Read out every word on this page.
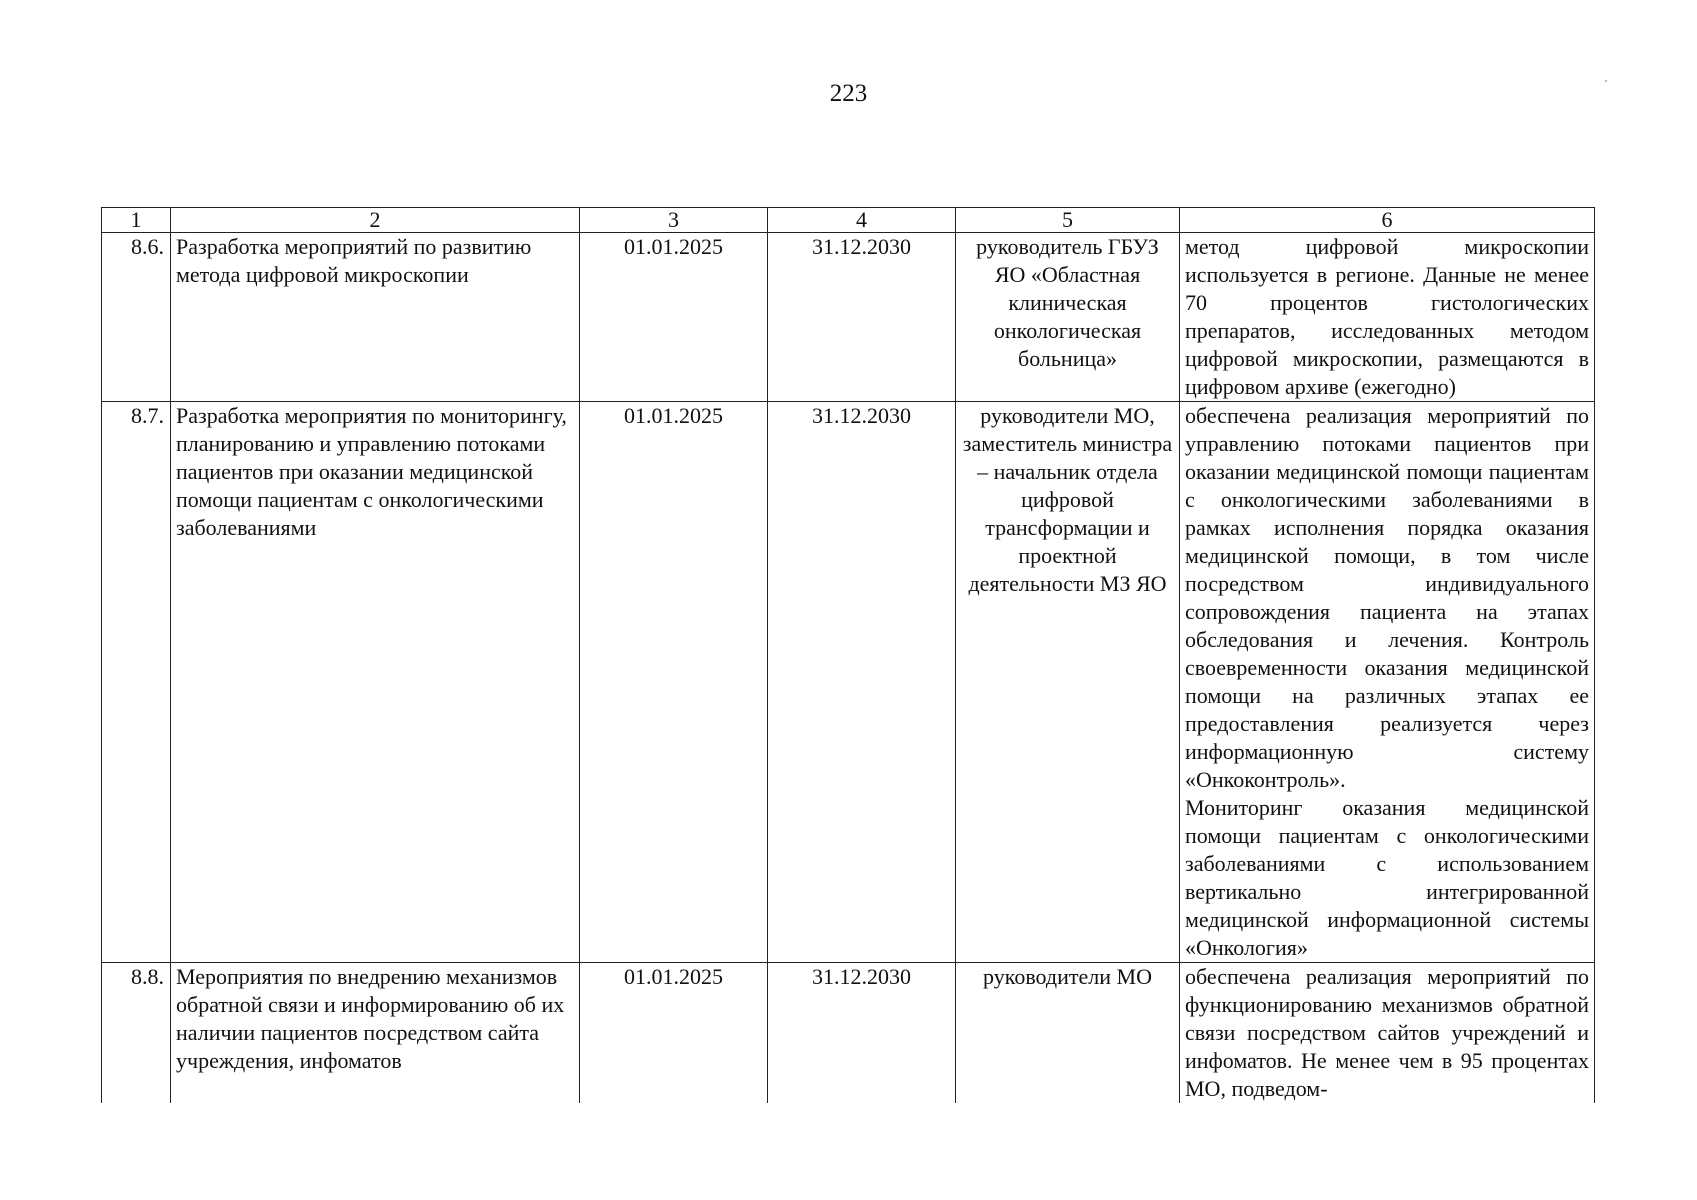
223
1	2	3	4	5	6
8.6.	Разработка мероприятий по развитию метода цифровой микроскопии	01.01.2025	31.12.2030	руководитель ГБУЗ ЯО «Областная клиническая онкологическая больница»	метод цифровой микроскопии используется в регионе. Данные не менее 70 процентов гистологических препаратов, исследованных методом цифровой микроскопии, размещаются в цифровом архиве (ежегодно)
8.7.	Разработка мероприятия по мониторингу, планированию и управлению потоками пациентов при оказании медицинской помощи пациентам с онкологическими заболеваниями	01.01.2025	31.12.2030	руководители МО, заместитель министра – начальник отдела цифровой трансформации и проектной деятельности МЗ ЯО	обеспечена реализация мероприятий по управлению потоками пациентов при оказании медицинской помощи пациентам с онкологическими заболеваниями в рамках исполнения порядка оказания медицинской помощи, в том числе посредством индивидуального сопровождения пациента на этапах обследования и лечения. Контроль своевременности оказания медицинской помощи на различных этапах ее предоставления реализуется через информационную систему «Онкоконтроль».
Мониторинг оказания медицинской помощи пациентам с онкологическими заболеваниями с использованием вертикально интегрированной медицинской информационной системы «Онкология»

8.8.	Мероприятия по внедрению механизмов обратной связи и информированию об их наличии пациентов посредством сайта учреждения, инфоматов	01.01.2025	31.12.2030	руководители МО	обеспечена реализация мероприятий по функционированию механизмов обратной связи посредством сайтов учреждений и инфоматов. Не менее чем в 95 процентах МО, подведом-
